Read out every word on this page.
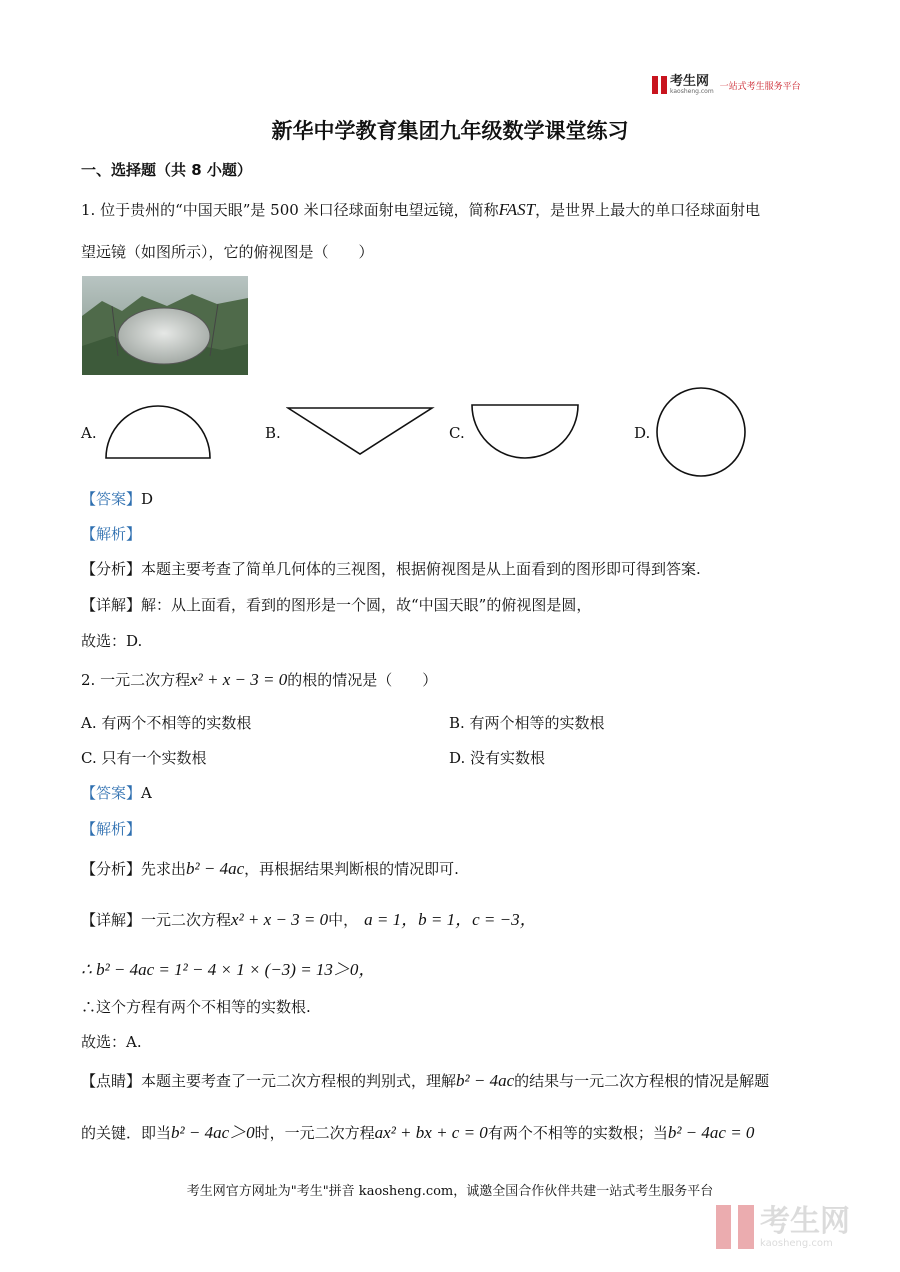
考生网
kaosheng.com 一站式考生服务平台
新华中学教育集团九年级数学课堂练习
一、选择题（共 8 小题）
1. 位于贵州的“中国天眼”是 500 米口径球面射电望远镜，简称FAST，是世界上最大的单口径球面射电
望远镜（如图所示），它的俯视图是（　　）
A.	B.	C.	D.
【答案】D
【解析】
【分析】本题主要考查了简单几何体的三视图，根据俯视图是从上面看到的图形即可得到答案.
【详解】解：从上面看，看到的图形是一个圆，故“中国天眼”的俯视图是圆，
故选：D.
2. 一元二次方程x² + x − 3 = 0的根的情况是（　　）
A. 有两个不相等的实数根	B. 有两个相等的实数根
C. 只有一个实数根	D. 没有实数根
【答案】A
【解析】
【分析】先求出b² − 4ac，再根据结果判断根的情况即可.
【详解】一元二次方程x² + x − 3 = 0中， a = 1，b = 1，c = −3，
∴ b² − 4ac = 1² − 4 × 1 × (−3) = 13＞0，
∴这个方程有两个不相等的实数根.
故选：A.
【点睛】本题主要考查了一元二次方程根的判别式，理解b² − 4ac的结果与一元二次方程根的情况是解题
的关键．即当b² − 4ac＞0时，一元二次方程ax² + bx + c = 0有两个不相等的实数根；当b² − 4ac = 0
考生网官方网址为"考生"拼音 kaosheng.com，诚邀全国合作伙伴共建一站式考生服务平台
考生网
kaosheng.com
